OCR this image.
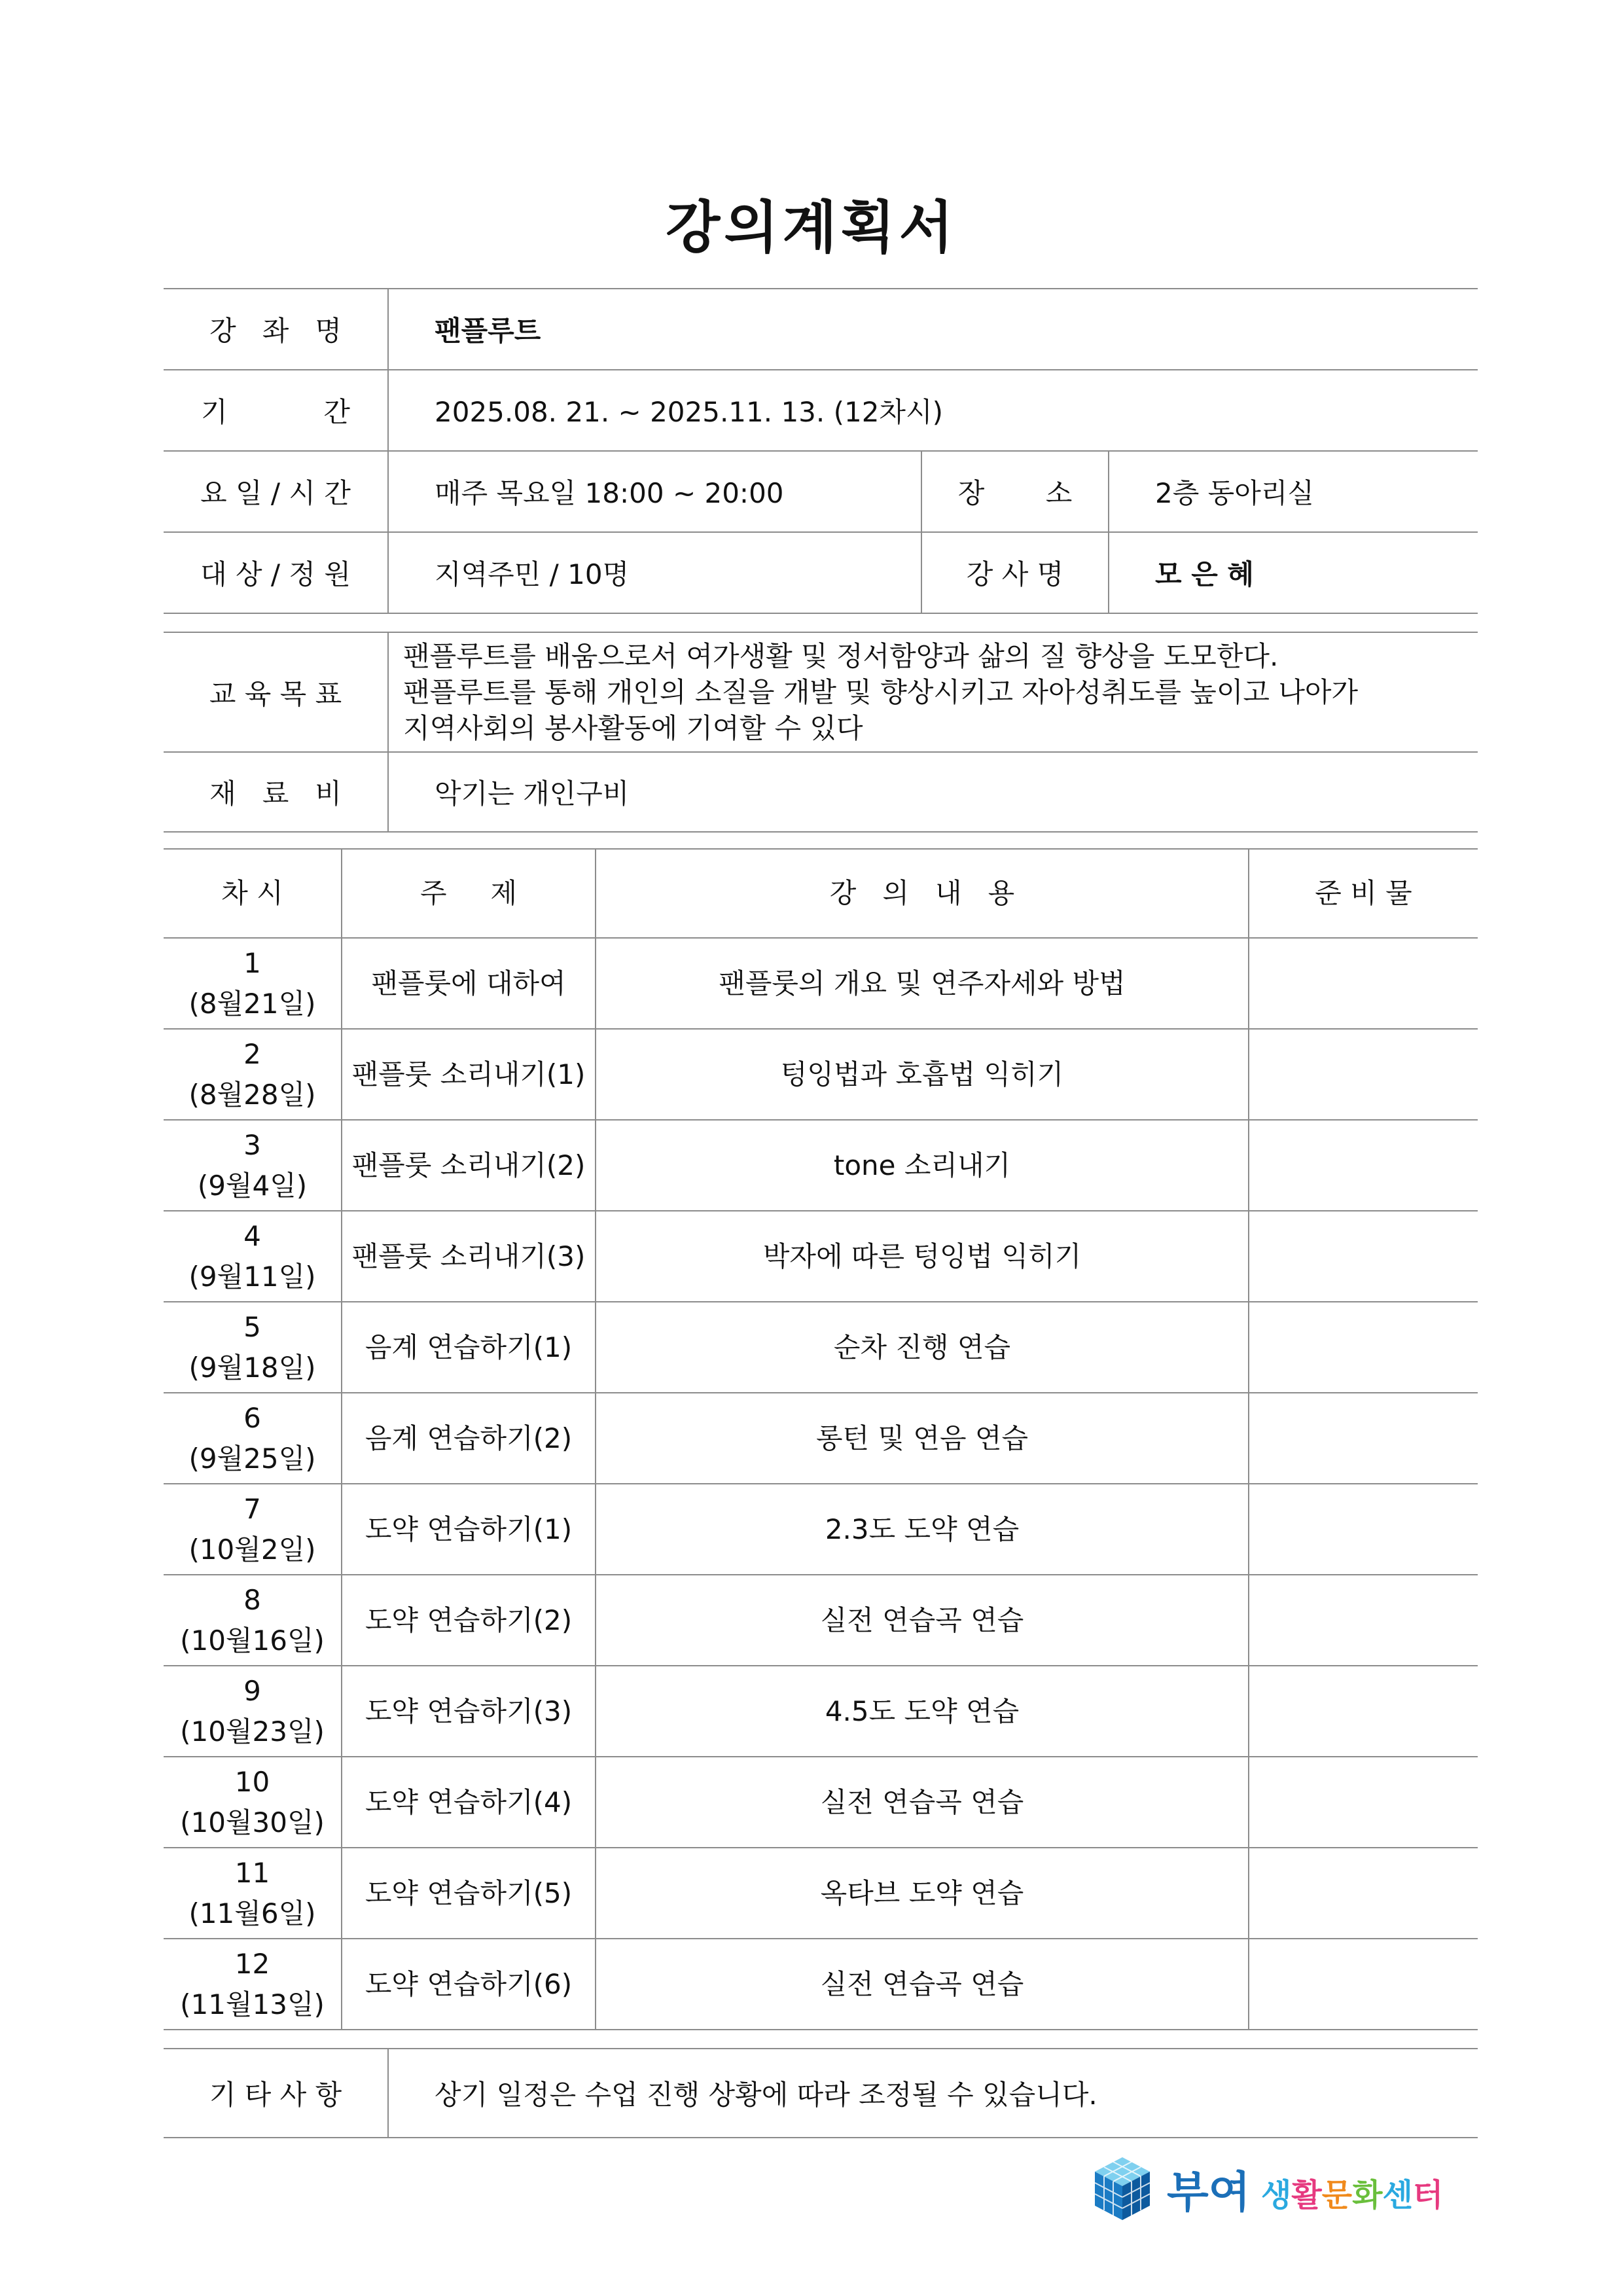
강의계획서
강   좌   명	팬플루트		
기           간	2025.08. 21. ~ 2025.11. 13. (12차시)		
요 일 / 시 간	매주 목요일 18:00 ~ 20:00	장       소	2층 동아리실
대 상 / 정 원	지역주민 / 10명	강 사 명	모 은 혜
교 육 목 표	팬플루트를 배움으로서 여가생활 및 정서함양과 삶의 질 향상을 도모한다.
팬플루트를 통해 개인의 소질을 개발 및 향상시키고 자아성취도를 높이고 나아가
지역사회의 봉사활동에 기여할 수 있다

재   료   비	악기는 개인구비
차 시	주     제	강   의   내   용	준 비 물

1
(8월21일)	팬플룻에 대하여	팬플룻의 개요 및 연주자세와 방법	

2
(8월28일)	팬플룻 소리내기(1)	텅잉법과 호흡법 익히기	

3
(9월4일)	팬플룻 소리내기(2)	tone 소리내기	

4
(9월11일)	팬플룻 소리내기(3)	박자에 따른 텅잉법 익히기	

5
(9월18일)	음계 연습하기(1)	순차 진행 연습	

6
(9월25일)	음계 연습하기(2)	롱턴 및 연음 연습	

7
(10월2일)	도약 연습하기(1)	2.3도 도약 연습	

8
(10월16일)	도약 연습하기(2)	실전 연습곡 연습	

9
(10월23일)	도약 연습하기(3)	4.5도 도약 연습	

10
(10월30일)	도약 연습하기(4)	실전 연습곡 연습	

11
(11월6일)	도약 연습하기(5)	옥타브 도약 연습	

12
(11월13일)	도약 연습하기(6)	실전 연습곡 연습	
기 타 사 항	상기 일정은 수업 진행 상황에 따라 조정될 수 있습니다.
부여 생활문화센터
